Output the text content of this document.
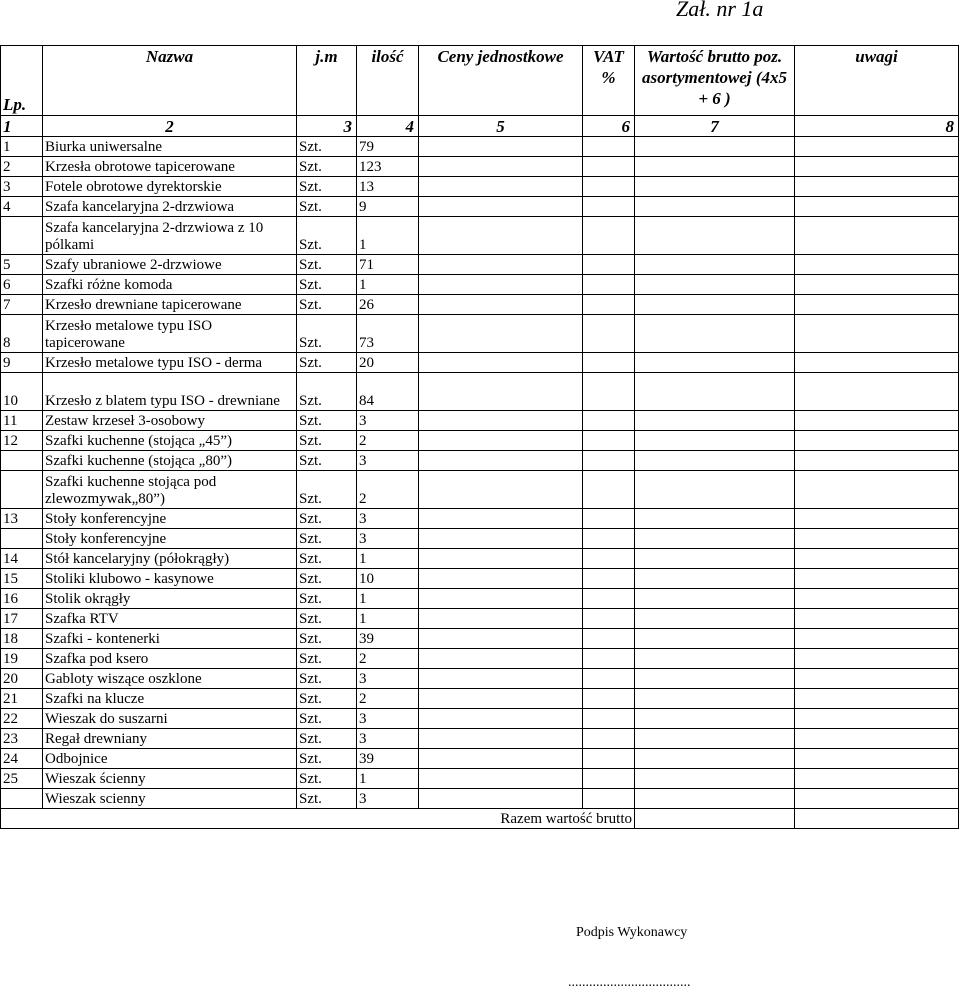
Zał. nr 1a
Lp.	Nazwa	j.m	ilość	Ceny jednostkowe	VAT %	Wartość brutto poz. asortymentowej (4x5 + 6 )	uwagi
1	2	3	4	5	6	7	8
1	Biurka uniwersalne	Szt.	79				
2	Krzesła obrotowe tapicerowane	Szt.	123				
3	Fotele obrotowe dyrektorskie	Szt.	13				
4	Szafa kancelaryjna 2-drzwiowa	Szt.	9				
	Szafa kancelaryjna 2-drzwiowa z 10 pólkami	Szt.	1				
5	Szafy ubraniowe 2-drzwiowe	Szt.	71				
6	Szafki różne komoda	Szt.	1				
7	Krzesło drewniane tapicerowane	Szt.	26				
8	Krzesło metalowe typu ISO tapicerowane	Szt.	73				
9	Krzesło metalowe typu ISO - derma	Szt.	20				
10	Krzesło z blatem typu ISO - drewniane	Szt.	84				
11	Zestaw krzeseł 3-osobowy	Szt.	3				
12	Szafki kuchenne (stojąca „45”)	Szt.	2				
	Szafki kuchenne (stojąca „80”)	Szt.	3				
	Szafki kuchenne stojąca pod zlewozmywak„80”)	Szt.	2				
13	Stoły konferencyjne	Szt.	3				
	Stoły konferencyjne	Szt.	3				
14	Stół kancelaryjny (półokrągły)	Szt.	1				
15	Stoliki klubowo - kasynowe	Szt.	10				
16	Stolik okrągły	Szt.	1				
17	Szafka RTV	Szt.	1				
18	Szafki - kontenerki	Szt.	39				
19	Szafka pod ksero	Szt.	2				
20	Gabloty wiszące oszklone	Szt.	3				
21	Szafki na klucze	Szt.	2				
22	Wieszak do suszarni	Szt.	3				
23	Regał drewniany	Szt.	3				
24	Odbojnice	Szt.	39				
25	Wieszak ścienny	Szt.	1				
	Wieszak scienny	Szt.	3				
Razem wartość brutto							
Podpis Wykonawcy
...................................
